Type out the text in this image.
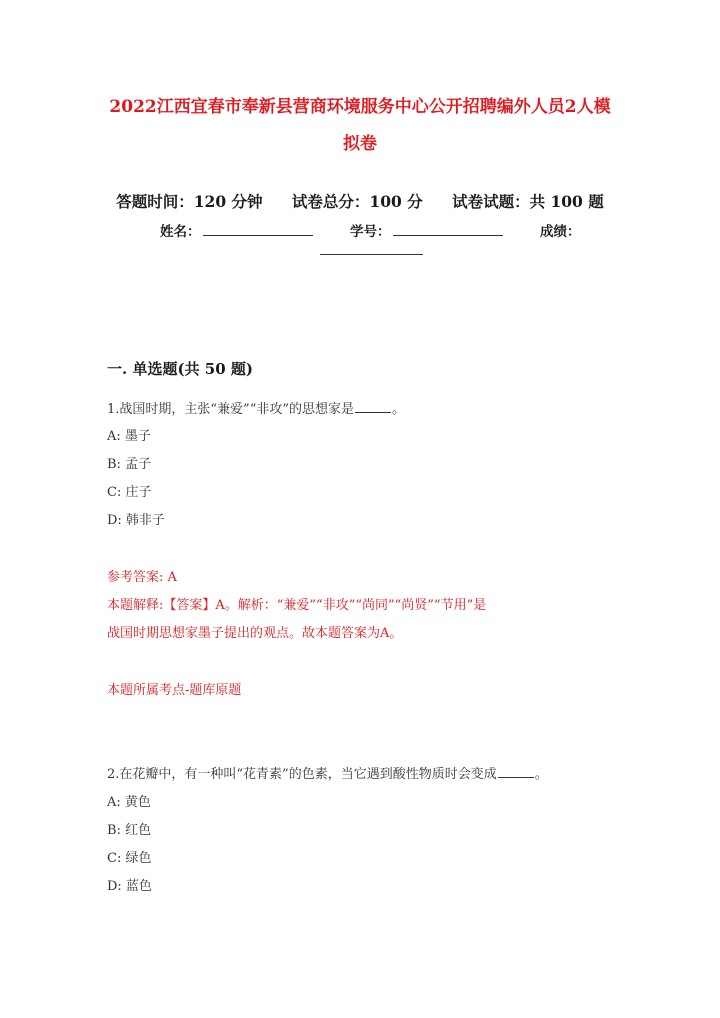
2022江西宜春市奉新县营商环境服务中心公开招聘编外人员2人模
拟卷
答题时间：120 分钟 试卷总分：100 分 试卷试题：共 100 题
姓名：	学号：	成绩：
一. 单选题(共 50 题)
1.战国时期，主张“兼爱”“非攻”的思想家是	。
A: 墨子
B: 孟子
C: 庄子
D: 韩非子
参考答案: A
本题解释:【答案】A。解析：“兼爱”“非攻”“尚同”“尚贤”“节用”是
战国时期思想家墨子提出的观点。故本题答案为A。
本题所属考点-题库原题
2.在花瓣中，有一种叫“花青素”的色素，当它遇到酸性物质时会变成	。
A: 黄色
B: 红色
C: 绿色
D: 蓝色
